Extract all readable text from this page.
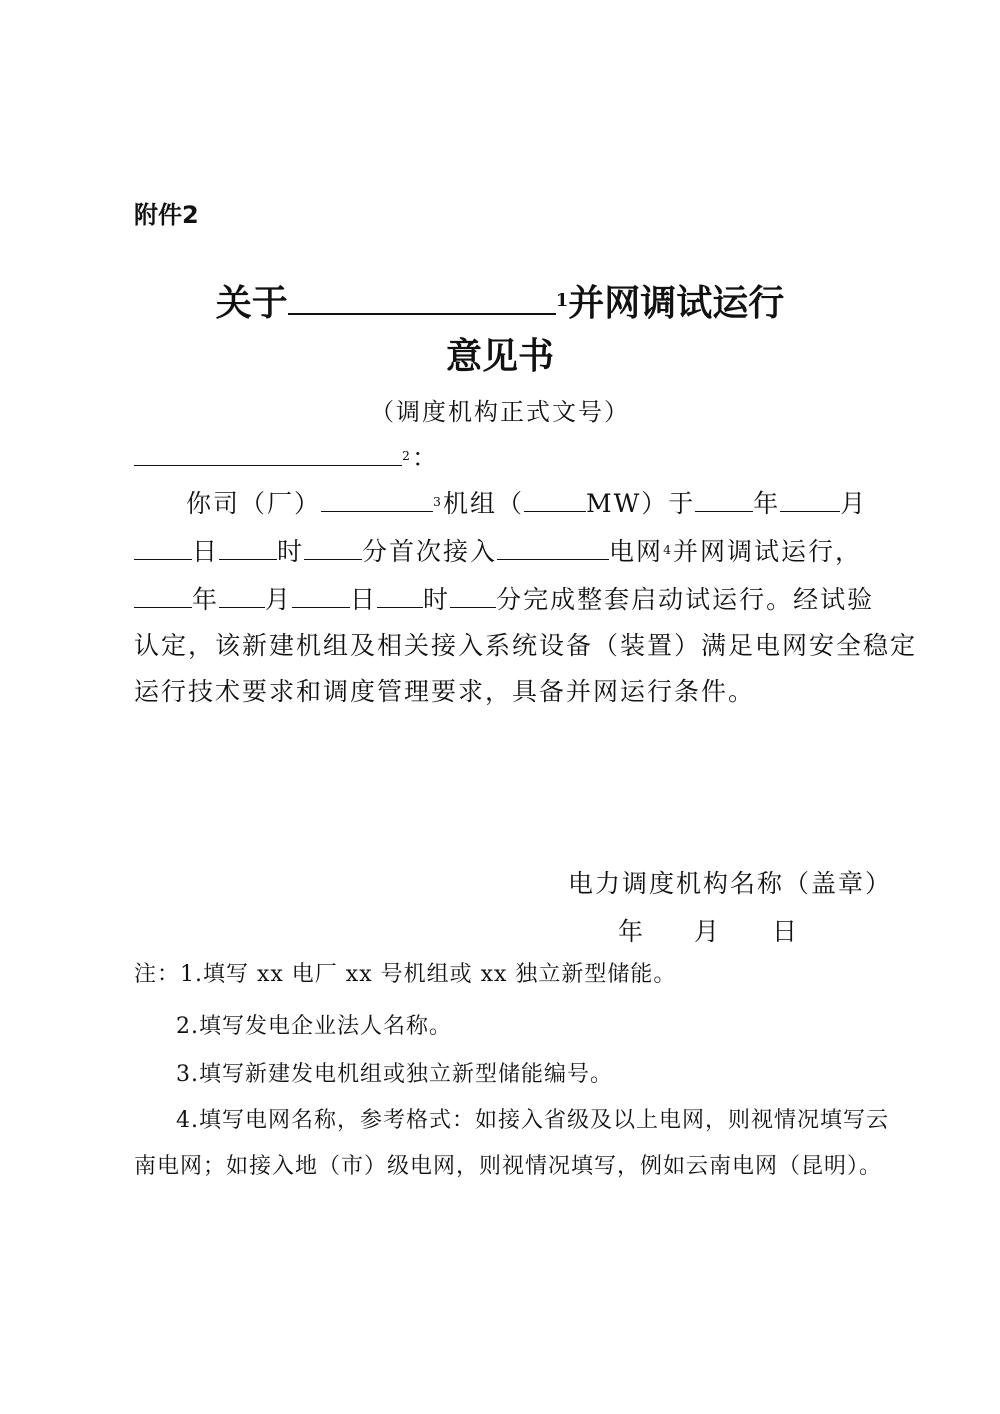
附件2
关于	$^1$并网调试运行
意见书
（调度机构正式文号）
$^2$：
你司（厂）	$^3$机组（ MW）于 年 月
日 时 分首次接入	电网$^4$并网调试运行，
年 月 日 时 分完成整套启动试运行。经试验
认定，该新建机组及相关接入系统设备（装置）满足电网安全稳定
运行技术要求和调度管理要求，具备并网运行条件。
电力调度机构名称（盖章）
年 月 日
注：1.填写 xx 电厂 xx 号机组或 xx 独立新型储能。
2.填写发电企业法人名称。
3.填写新建发电机组或独立新型储能编号。
4.填写电网名称，参考格式：如接入省级及以上电网，则视情况填写云
南电网；如接入地（市）级电网，则视情况填写，例如云南电网（昆明）。
